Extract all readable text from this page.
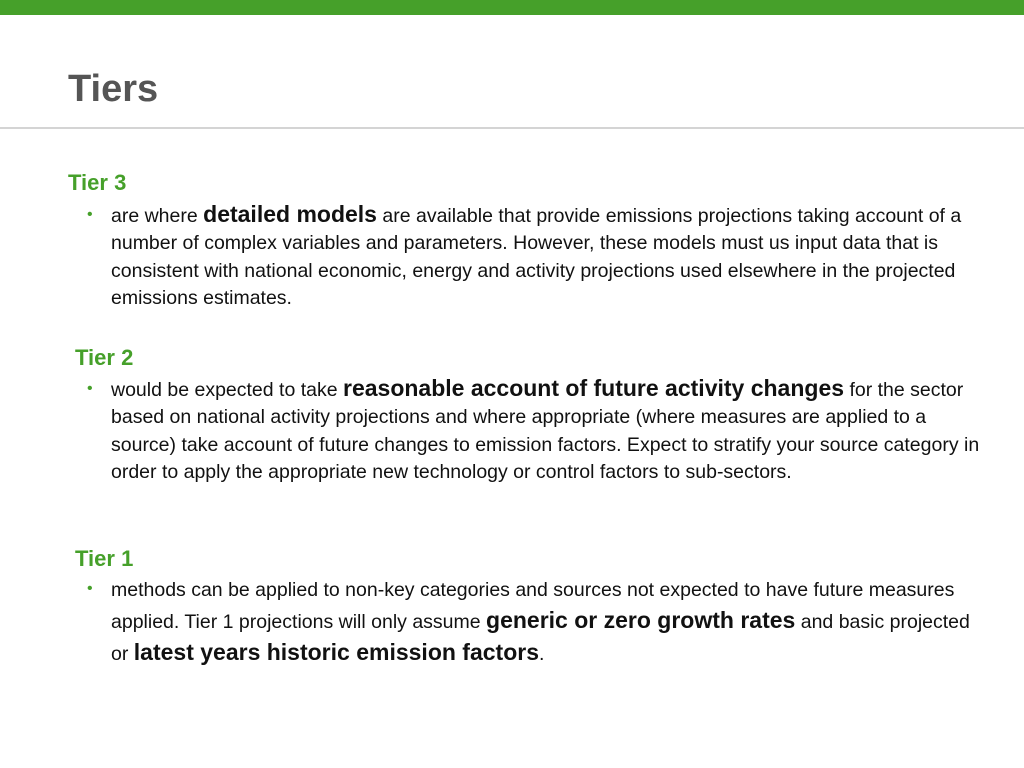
Tiers
Tier 3
• are where detailed models are available that provide emissions projections taking account of a number of complex variables and parameters. However, these models must us input data that is consistent with national economic, energy and activity projections used elsewhere in the projected emissions estimates.

Tier 2
• would be expected to take reasonable account of future activity changes for the sector based on national activity projections and where appropriate (where measures are applied to a source) take account of future changes to emission factors. Expect to stratify your source category in order to apply the appropriate new technology or control factors to sub-sectors.

Tier 1
• methods can be applied to non-key categories and sources not expected to have future measures applied. Tier 1 projections will only assume generic or zero growth rates and basic projected or latest years historic emission factors.
